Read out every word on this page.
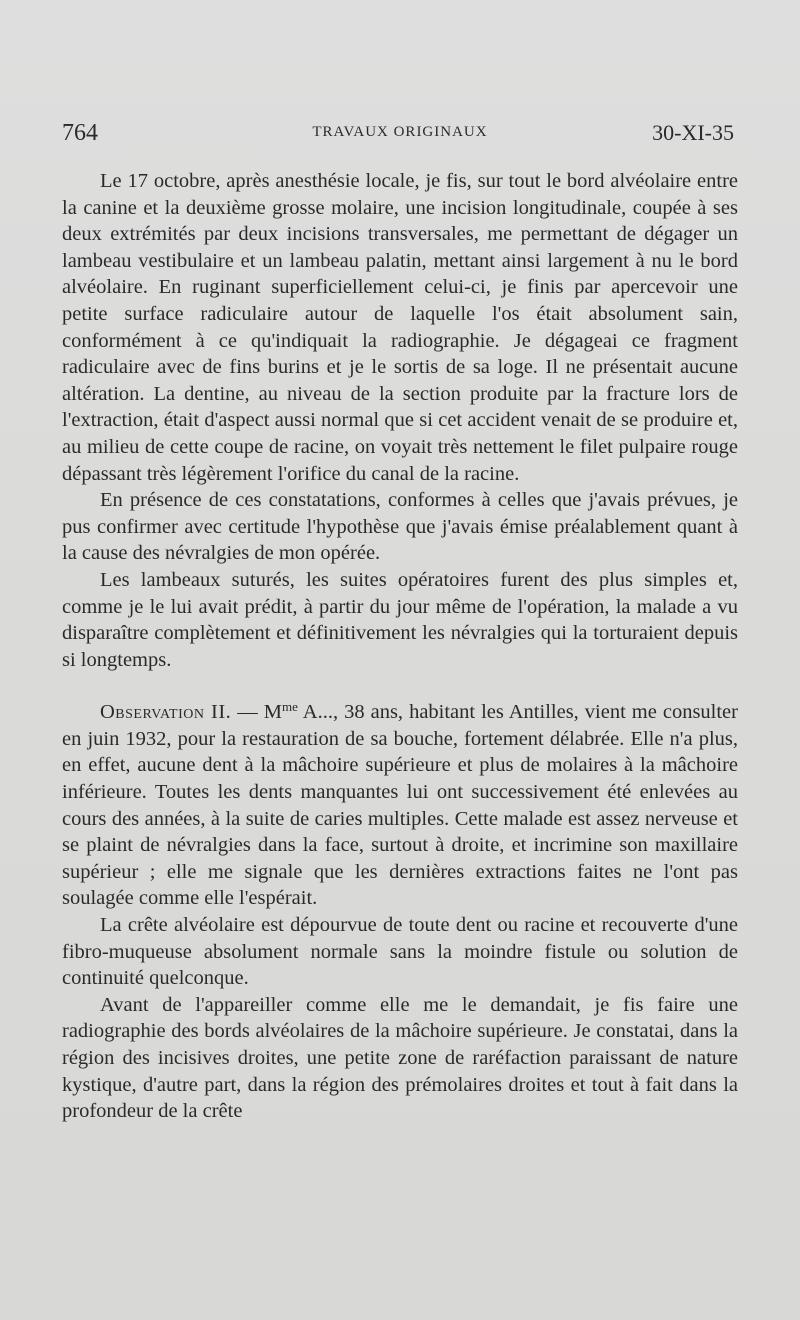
764	TRAVAUX ORIGINAUX	30-XI-35

Le 17 octobre, après anesthésie locale, je fis, sur tout le bord alvéolaire entre la canine et la deuxième grosse molaire, une incision longitudinale, coupée à ses deux extrémités par deux incisions transversales, me permettant de dégager un lambeau vestibulaire et un lambeau palatin, mettant ainsi largement à nu le bord alvéolaire. En ruginant superficiellement celui-ci, je finis par apercevoir une petite surface radiculaire autour de laquelle l'os était absolument sain, conformément à ce qu'indiquait la radiographie. Je dégageai ce fragment radiculaire avec de fins burins et je le sortis de sa loge. Il ne présentait aucune altération. La dentine, au niveau de la section produite par la fracture lors de l'extraction, était d'aspect aussi normal que si cet accident venait de se produire et, au milieu de cette coupe de racine, on voyait très nettement le filet pulpaire rouge dépassant très légèrement l'orifice du canal de la racine.

En présence de ces constatations, conformes à celles que j'avais prévues, je pus confirmer avec certitude l'hypothèse que j'avais émise préalablement quant à la cause des névralgies de mon opérée.

Les lambeaux suturés, les suites opératoires furent des plus simples et, comme je le lui avait prédit, à partir du jour même de l'opération, la malade a vu disparaître complètement et définitivement les névralgies qui la torturaient depuis si longtemps.

Observation II. — $M^{me}$ A..., 38 ans, habitant les Antilles, vient me consulter en juin 1932, pour la restauration de sa bouche, fortement délabrée. Elle n'a plus, en effet, aucune dent à la mâchoire supérieure et plus de molaires à la mâchoire inférieure. Toutes les dents manquantes lui ont successivement été enlevées au cours des années, à la suite de caries multiples. Cette malade est assez nerveuse et se plaint de névralgies dans la face, surtout à droite, et incrimine son maxillaire supérieur ; elle me signale que les dernières extractions faites ne l'ont pas soulagée comme elle l'espérait.

La crête alvéolaire est dépourvue de toute dent ou racine et recouverte d'une fibro-muqueuse absolument normale sans la moindre fistule ou solution de continuité quelconque.

Avant de l'appareiller comme elle me le demandait, je fis faire une radiographie des bords alvéolaires de la mâchoire supérieure. Je constatai, dans la région des incisives droites, une petite zone de raréfaction paraissant de nature kystique, d'autre part, dans la région des prémolaires droites et tout à fait dans la profondeur de la crête
